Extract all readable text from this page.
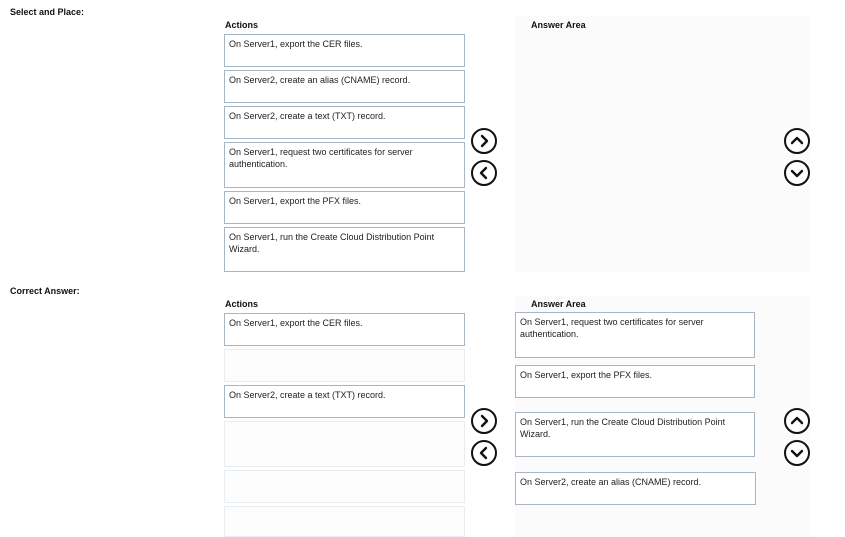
Select and Place:
Actions	Answer Area
On Server1, export the CER files.
On Server2, create an alias (CNAME) record.
On Server2, create a text (TXT) record.
On Server1, request two certificates for server authentication.
On Server1, export the PFX files.
On Server1, run the Create Cloud Distribution Point Wizard.
Correct Answer:
Actions	Answer Area
On Server1, export the CER files.
On Server2, create a text (TXT) record.
On Server1, request two certificates for server authentication.
On Server1, export the PFX files.
On Server1, run the Create Cloud Distribution Point Wizard.
On Server2, create an alias (CNAME) record.
